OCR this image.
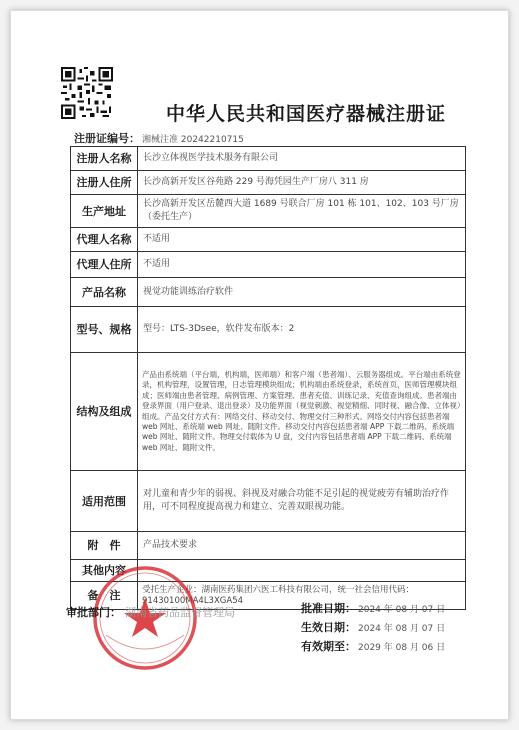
中华人民共和国医疗器械注册证
注册证编号： 湘械注准 20242210715
注册人名称	长沙立体视医学技术服务有限公司
注册人住所	长沙高新开发区谷苑路 229 号海凭园生产厂房八 311 房
生产地址	长沙高新开发区岳麓西大道 1689 号联合厂房 101 栋 101、102、103 号厂房（委托生产）
代理人名称	不适用
代理人住所	不适用
产品名称	视觉功能训练治疗软件
型号、规格	型号：LTS-3Dsee，软件发布版本：2
结构及组成	产品由系统端（平台端，机构端，医师端）和客户端（患者端）、云服务器组成。平台端由系统登录，机构管理，设置管理，日志管理模块组成；机构端由系统登录，系统首页，医师管理模块组成；医师端由患者管理、病例管理、方案管理、患者充值、训练记录、充值查询组成。患者端由登录界面（用户登录、退出登录）及功能界面（视觉刺激、视觉精细、同时视、融合像、立体视）组成。产品交付方式有：网络交付、移动交付、物理交付三种形式。网络交付内容包括患者端 web 网址、系统端 web 网址、随附文件。移动交付内容包括患者端 APP 下载二维码、系统端 web 网址、随附文件。物理交付载体为 U 盘，交付内容包括患者端 APP 下载二维码、系统端 web 网址、随附文件。
适用范围	对儿童和青少年的弱视、斜视及对融合功能不足引起的视觉疲劳有辅助治疗作用，可不同程度提高视力和建立、完善双眼视功能。
附　件	产品技术要求
其他内容	
备　注	受托生产企业：湖南医药集团六医工科技有限公司，统一社会信用代码：91430100MA4L3XGA54
审批部门： 湖南省药品监督管理局	批准日期： 2024 年 08 月 07 日
生效日期： 2024 年 08 月 07 日
有效期至： 2029 年 08 月 06 日
